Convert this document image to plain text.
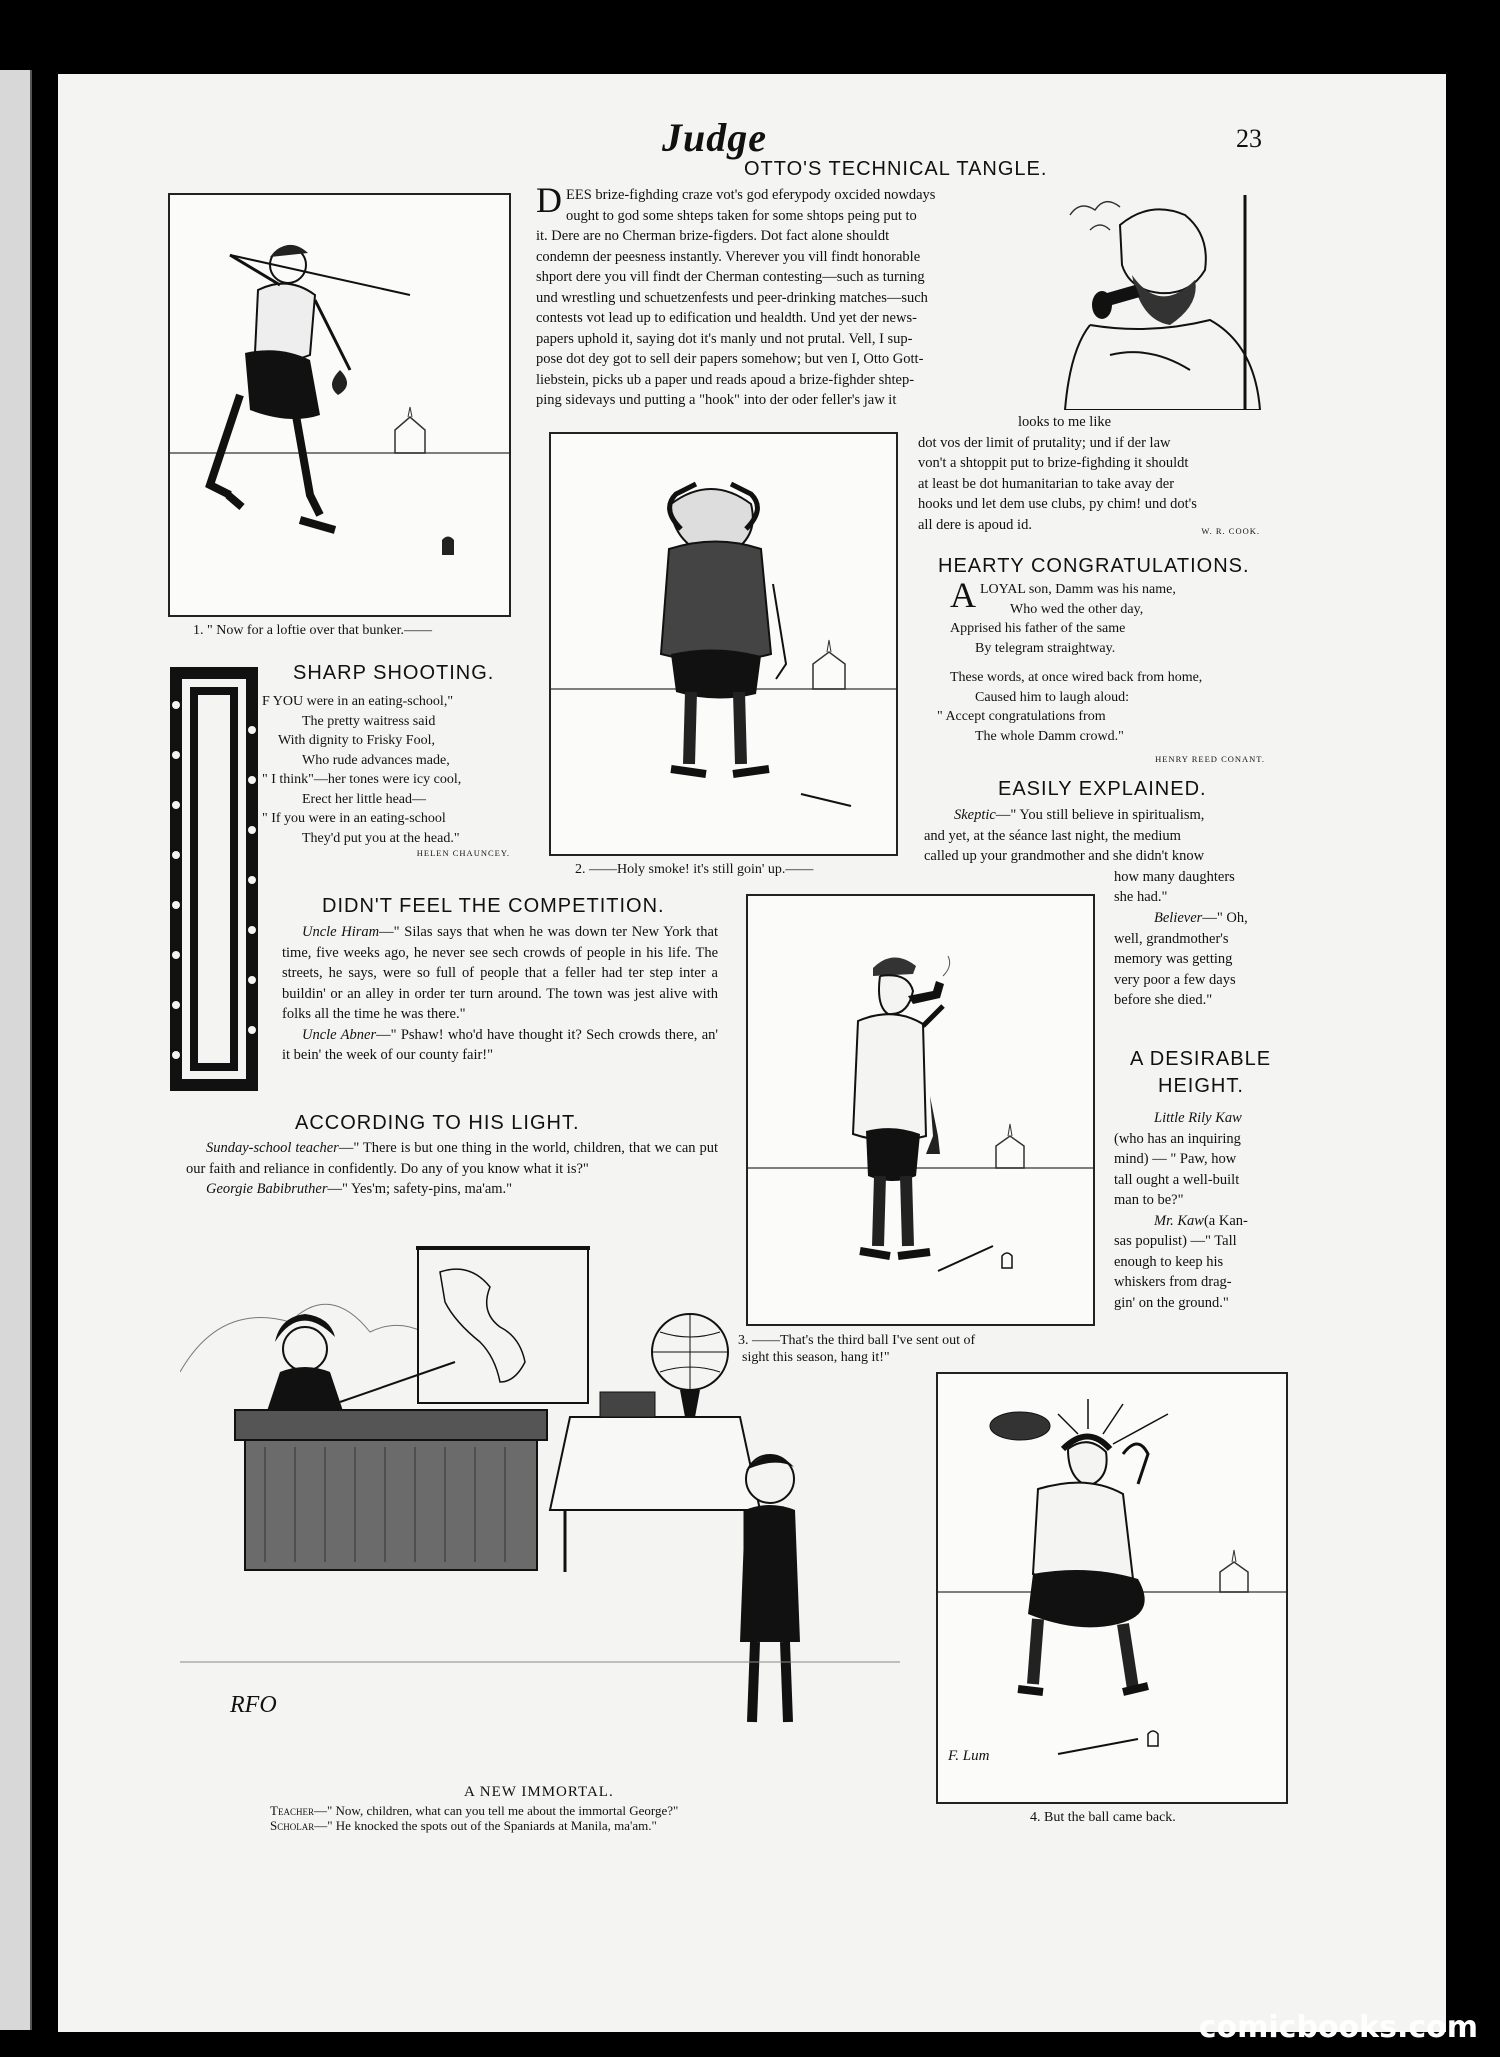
Judge	23
1. " Now for a loftie over that bunker.——
OTTO'S TECHNICAL TANGLE.
D EES brize-fighding craze vot's god eferypody oxcided nowdays
ought to god some shteps taken for some shtops peing put to
it. Dere are no Cherman brize-figders. Dot fact alone shouldt
condemn der peesness instantly. Vherever you vill findt honorable
shport dere you vill findt der Cherman contesting—such as turning
und wrestling und schuetzenfests und peer-drinking matches—such
contests vot lead up to edification und healdth. Und yet der news-
papers uphold it, saying dot it's manly und not prutal. Vell, I sup-
pose dot dey got to sell deir papers somehow; but ven I, Otto Gott-
liebstein, picks ub a paper und reads apoud a brize-fighder shtep-
ping sidevays und putting a "hook" into der oder feller's jaw it
looks to me like
dot vos der limit of prutality; und if der law
von't a shtoppit put to brize-fighding it shouldt
at least be dot humanitarian to take avay der
hooks und let dem use clubs, py chim! und dot's
all dere is apoud id.	W. R. COOK.
2. ——Holy smoke! it's still goin' up.——
HEARTY CONGRATULATIONS.
ALOYAL son, Damm was his name,
Who wed the other day,
Apprised his father of the same
By telegram straightway.
These words, at once wired back from home,
Caused him to laugh aloud:
" Accept congratulations from
The whole Damm crowd."
HENRY REED CONANT.
EASILY EXPLAINED.
Skeptic—" You still believe in spiritualism,
and yet, at the séance last night, the medium
called up your grandmother and she didn't know
how many daughters
she had."
Believer—" Oh,
well, grandmother's
memory was getting
very poor a few days
before she died."
A DESIRABLE
HEIGHT.
Little Rily Kaw
(who has an inquiring
mind) — " Paw, how
tall ought a well-built
man to be?"
Mr. Kaw(a Kan-
sas populist) —" Tall
enough to keep his
whiskers from drag-
gin' on the ground."
SHARP SHOOTING.
F YOU were in an eating-school,"
The pretty waitress said
With dignity to Frisky Fool,
Who rude advances made,
" I think"—her tones were icy cool,
Erect her little head—
" If you were in an eating-school
They'd put you at the head."
HELEN CHAUNCEY.
DIDN'T FEEL THE COMPETITION.

Uncle Hiram—" Silas says that when he was down ter New York that time, five weeks ago, he never see sech crowds of people in his life. The streets, he says, were so full of people that a feller had ter step inter a buildin' or an alley in order ter turn around. The town was jest alive with folks all the time he was there."

Uncle Abner—" Pshaw! who'd have thought it? Sech crowds there, an' it bein' the week of our county fair!"

ACCORDING TO HIS LIGHT.

Sunday-school teacher—" There is but one thing in the world, children, that we can put our faith and reliance in confidently. Do any of you know what it is?"

Georgie Babibruther—" Yes'm; safety-pins, ma'am."

3. ——That's the third ball I've sent out of
sight this season, hang it!"
RFO
A NEW IMMORTAL.
Teacher—" Now, children, what can you tell me about the immortal George?"
Scholar—" He knocked the spots out of the Spaniards at Manila, ma'am."
F. Lum
4. But the ball came back.
comicbooks.com
